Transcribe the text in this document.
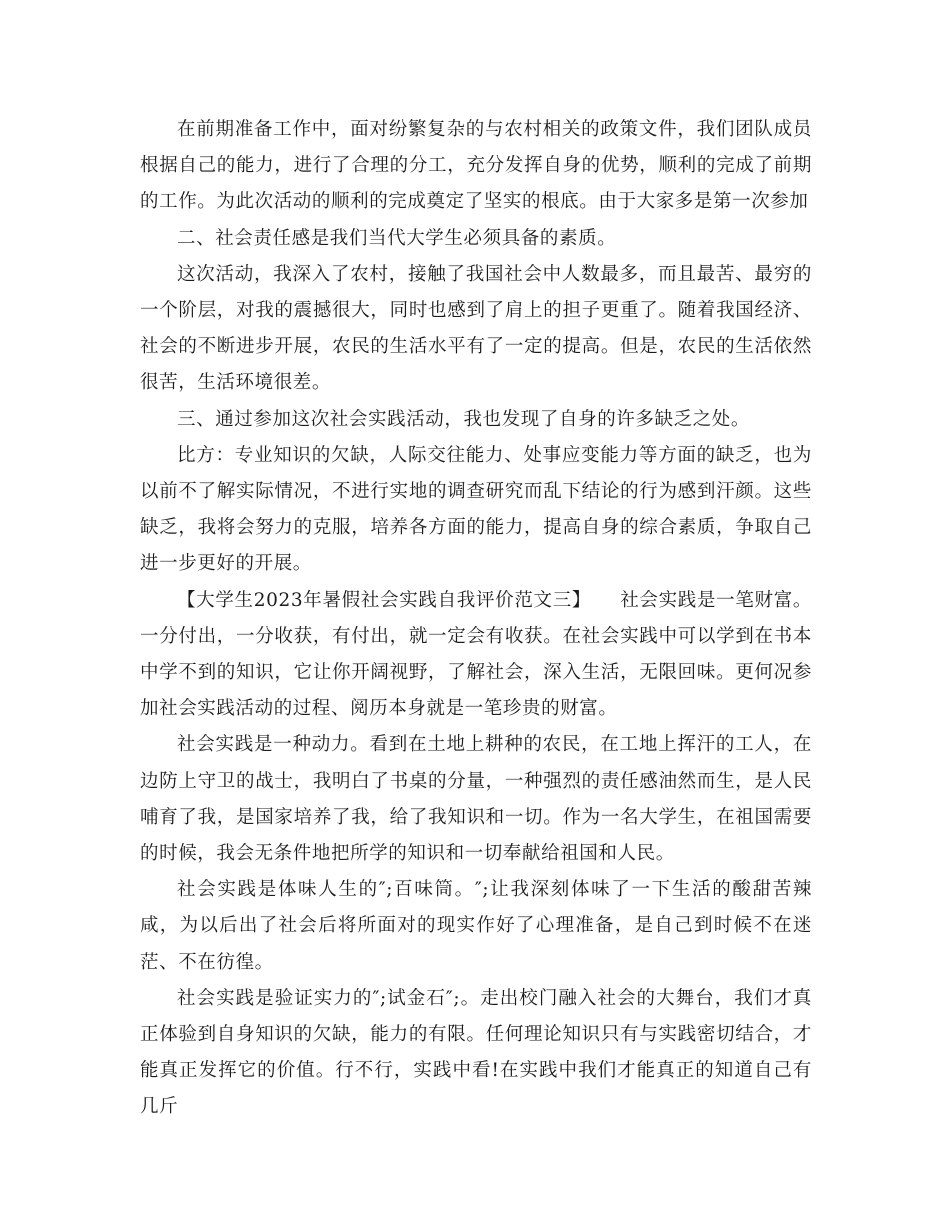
在前期准备工作中，面对纷繁复杂的与农村相关的政策文件，我们团队成员根据自己的能力，进行了合理的分工，充分发挥自身的优势，顺利的完成了前期的工作。为此次活动的顺利的完成奠定了坚实的根底。由于大家多是第一次参加

二、社会责任感是我们当代大学生必须具备的素质。

这次活动，我深入了农村，接触了我国社会中人数最多，而且最苦、最穷的一个阶层，对我的震撼很大，同时也感到了肩上的担子更重了。随着我国经济、社会的不断进步开展，农民的生活水平有了一定的提高。但是，农民的生活依然很苦，生活环境很差。

三、通过参加这次社会实践活动，我也发现了自身的许多缺乏之处。

比方：专业知识的欠缺，人际交往能力、处事应变能力等方面的缺乏，也为以前不了解实际情况，不进行实地的调查研究而乱下结论的行为感到汗颜。这些缺乏，我将会努力的克服，培养各方面的能力，提高自身的综合素质，争取自己进一步更好的开展。

【大学生2023年暑假社会实践自我评价范文三】　　社会实践是一笔财富。一分付出，一分收获，有付出，就一定会有收获。在社会实践中可以学到在书本中学不到的知识，它让你开阔视野，了解社会，深入生活，无限回味。更何况参加社会实践活动的过程、阅历本身就是一笔珍贵的财富。

社会实践是一种动力。看到在土地上耕种的农民，在工地上挥汗的工人，在边防上守卫的战士，我明白了书桌的分量，一种强烈的责任感油然而生，是人民哺育了我，是国家培养了我，给了我知识和一切。作为一名大学生，在祖国需要的时候，我会无条件地把所学的知识和一切奉献给祖国和人民。

社会实践是体味人生的″;百味筒。″;让我深刻体味了一下生活的酸甜苦辣咸，为以后出了社会后将所面对的现实作好了心理准备，是自己到时候不在迷茫、不在彷徨。

社会实践是验证实力的″;试金石″;。走出校门融入社会的大舞台，我们才真正体验到自身知识的欠缺，能力的有限。任何理论知识只有与实践密切结合，才能真正发挥它的价值。行不行，实践中看!在实践中我们才能真正的知道自己有几斤
